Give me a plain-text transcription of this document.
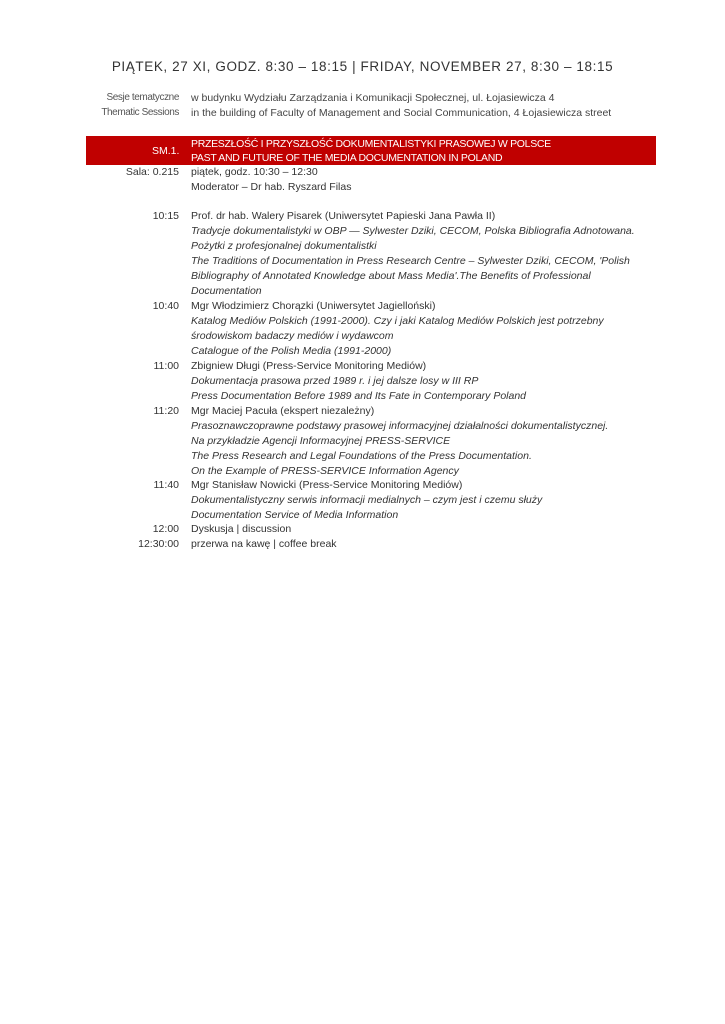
PIĄTEK, 27 XI, GODZ. 8:30 – 18:15 | FRIDAY, NOVEMBER 27, 8:30 – 18:15
Sesje tematyczne w budynku Wydziału Zarządzania i Komunikacji Społecznej, ul. Łojasiewicza 4
Thematic Sessions in the building of Faculty of Management and Social Communication, 4 Łojasiewicza street
SM.1.
PRZESZŁOŚĆ I PRZYSZŁOŚĆ DOKUMENTALISTYKI PRASOWEJ W POLSCE
PAST AND FUTURE OF THE MEDIA DOCUMENTATION IN POLAND
Sala: 0.215 piątek, godz. 10:30 – 12:30
Moderator – Dr hab. Ryszard Filas
10:15 Prof. dr hab. Walery Pisarek (Uniwersytet Papieski Jana Pawła II)
Tradycje dokumentalistyki w OBP — Sylwester Dziki, CECOM, Polska Bibliografia Adnotowana.
Pożytki z profesjonalnej dokumentalistki
The Traditions of Documentation in Press Research Centre – Sylwester Dziki, CECOM, 'Polish
Bibliography of Annotated Knowledge about Mass Media'.The Benefits of Professional
Documentation
10:40 Mgr Włodzimierz Chorązki (Uniwersytet Jagielloński)
Katalog Mediów Polskich (1991-2000). Czy i jaki Katalog Mediów Polskich jest potrzebny
środowiskom badaczy mediów i wydawcom
Catalogue of the Polish Media (1991-2000)
11:00 Zbigniew Długi (Press-Service Monitoring Mediów)
Dokumentacja prasowa przed 1989 r. i jej dalsze losy w III RP
Press Documentation Before 1989 and Its Fate in Contemporary Poland
11:20 Mgr Maciej Pacuła (ekspert niezależny)
Prasoznawczoprawne podstawy prasowej informacyjnej działalności dokumentalistycznej.
Na przykładzie Agencji Informacyjnej PRESS-SERVICE
The Press Research and Legal Foundations of the Press Documentation.
On the Example of PRESS-SERVICE Information Agency
11:40 Mgr Stanisław Nowicki (Press-Service Monitoring Mediów)
Dokumentalistyczny serwis informacji medialnych – czym jest i czemu służy
Documentation Service of Media Information
12:00 Dyskusja | discussion
12:30:00 przerwa na kawę | coffee break
